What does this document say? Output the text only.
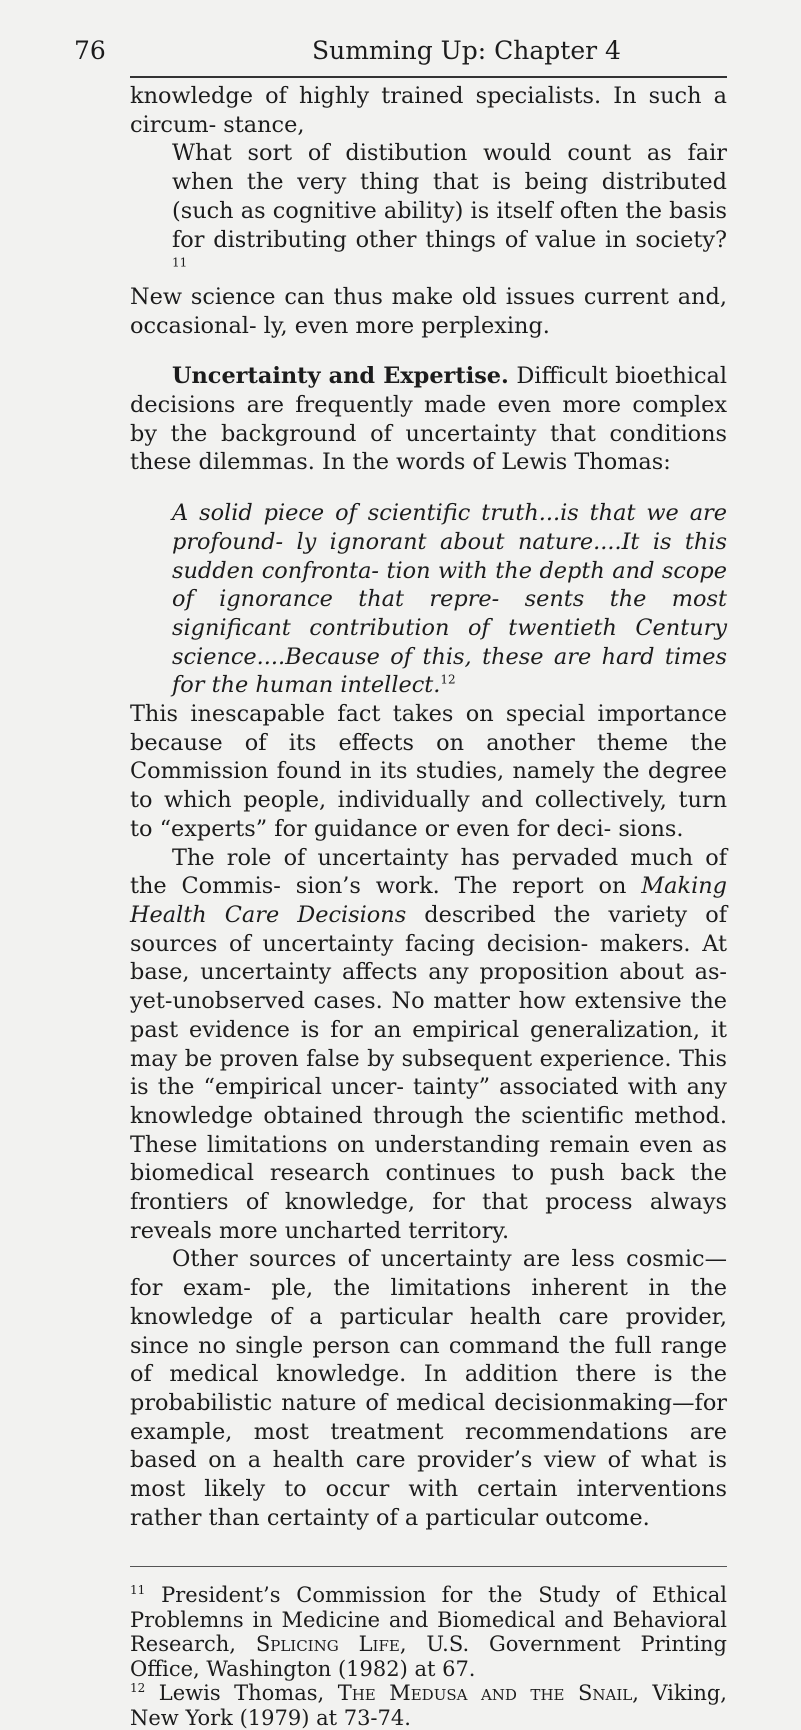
76	Summing Up: Chapter 4

knowledge of highly trained specialists. In such a circum- stance,

What sort of distibution would count as fair when the very thing that is being distributed (such as cognitive ability) is itself often the basis for distributing other things of value in society?$^{11}$

New science can thus make old issues current and, occasional- ly, even more perplexing.

Uncertainty and Expertise. Difficult bioethical decisions are frequently made even more complex by the background of uncertainty that conditions these dilemmas. In the words of Lewis Thomas:

A solid piece of scientific truth...is that we are profound- ly ignorant about nature....It is this sudden confronta- tion with the depth and scope of ignorance that repre- sents the most significant contribution of twentieth Century science....Because of this, these are hard times for the human intellect.$^{12}$

This inescapable fact takes on special importance because of its effects on another theme the Commission found in its studies, namely the degree to which people, individually and collectively, turn to “experts” for guidance or even for deci- sions.

The role of uncertainty has pervaded much of the Commis- sion’s work. The report on Making Health Care Decisions described the variety of sources of uncertainty facing decision- makers. At base, uncertainty affects any proposition about as- yet-unobserved cases. No matter how extensive the past evidence is for an empirical generalization, it may be proven false by subsequent experience. This is the “empirical uncer- tainty” associated with any knowledge obtained through the scientific method. These limitations on understanding remain even as biomedical research continues to push back the frontiers of knowledge, for that process always reveals more uncharted territory.

Other sources of uncertainty are less cosmic—for exam- ple, the limitations inherent in the knowledge of a particular health care provider, since no single person can command the full range of medical knowledge. In addition there is the probabilistic nature of medical decisionmaking—for example, most treatment recommendations are based on a health care provider’s view of what is most likely to occur with certain interventions rather than certainty of a particular outcome.

$^{11}$ President’s Commission for the Study of Ethical Problemns in Medicine and Biomedical and Behavioral Research, Splicing Life, U.S. Government Printing Office, Washington (1982) at 67.

$^{12}$ Lewis Thomas, The Medusa and the Snail, Viking, New York (1979) at 73-74.
